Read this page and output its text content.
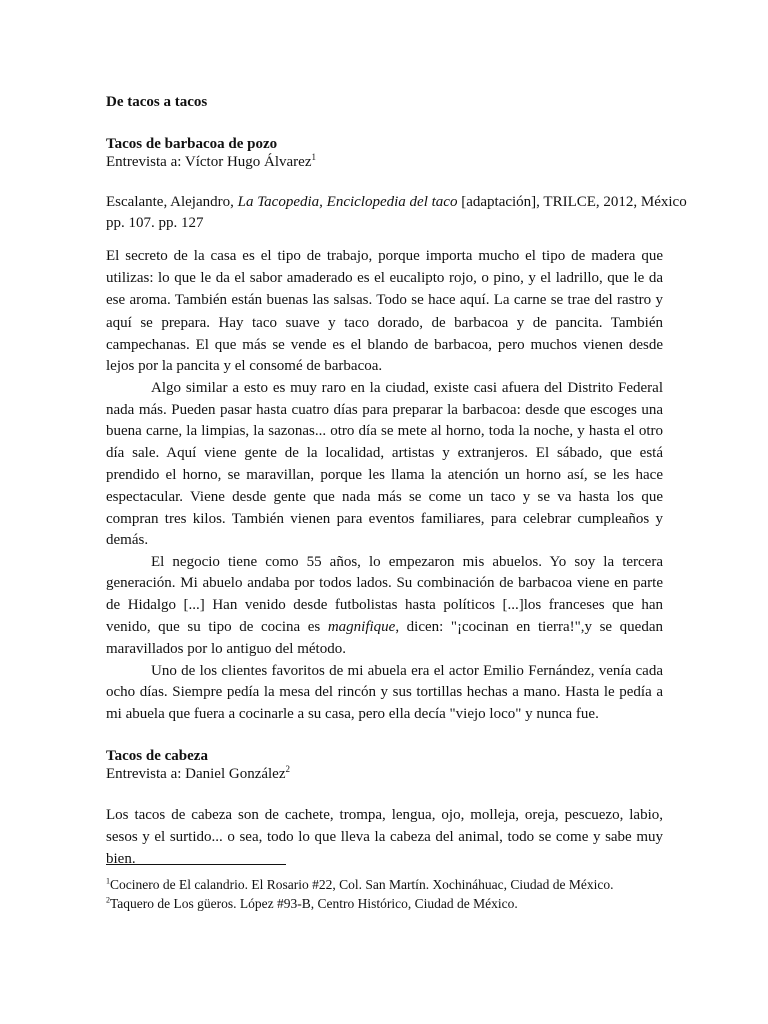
De tacos a tacos
Tacos de barbacoa de pozo
Entrevista a: Víctor Hugo Álvarez$^1$
Escalante, Alejandro, La Tacopedia, Enciclopedia del taco [adaptación], TRILCE, 2012, México
pp. 107. pp. 127
El secreto de la casa es el tipo de trabajo, porque importa mucho el tipo de madera que
utilizas: lo que le da el sabor amaderado es el eucalipto rojo, o pino, y el ladrillo, que le da
ese aroma. También están buenas las salsas. Todo se hace aquí. La carne se trae del rastro y
aquí se prepara. Hay taco suave y taco dorado, de barbacoa y de pancita. También
campechanas. El que más se vende es el blando de barbacoa, pero muchos vienen desde
lejos por la pancita y el consomé de barbacoa.
Algo similar a esto es muy raro en la ciudad, existe casi afuera del Distrito Federal
nada más. Pueden pasar hasta cuatro días para preparar la barbacoa: desde que escoges una
buena carne, la limpias, la sazonas... otro día se mete al horno, toda la noche, y hasta el otro
día sale. Aquí viene gente de la localidad, artistas y extranjeros. El sábado, que está
prendido el horno, se maravillan, porque les llama la atención un horno así, se les hace
espectacular. Viene desde gente que nada más se come un taco y se va hasta los que
compran tres kilos. También vienen para eventos familiares, para celebrar cumpleaños y
demás.
El negocio tiene como 55 años, lo empezaron mis abuelos. Yo soy la tercera
generación. Mi abuelo andaba por todos lados. Su combinación de barbacoa viene en parte
de Hidalgo [...] Han venido desde futbolistas hasta políticos [...]los franceses que han
venido, que su tipo de cocina es magnifique, dicen: "¡cocinan en tierra!",y se quedan
maravillados por lo antiguo del método.
Uno de los clientes favoritos de mi abuela era el actor Emilio Fernández, venía cada
ocho días. Siempre pedía la mesa del rincón y sus tortillas hechas a mano. Hasta le pedía a
mi abuela que fuera a cocinarle a su casa, pero ella decía "viejo loco" y nunca fue.
Tacos de cabeza
Entrevista a: Daniel González$^2$
Los tacos de cabeza son de cachete, trompa, lengua, ojo, molleja, oreja, pescuezo, labio,
sesos y el surtido... o sea, todo lo que lleva la cabeza del animal, todo se come y sabe muy
bien.
$^1$Cocinero de El calandrio. El Rosario #22, Col. San Martín. Xochináhuac, Ciudad de México.
$^2$Taquero de Los güeros. López #93-B, Centro Histórico, Ciudad de México.
